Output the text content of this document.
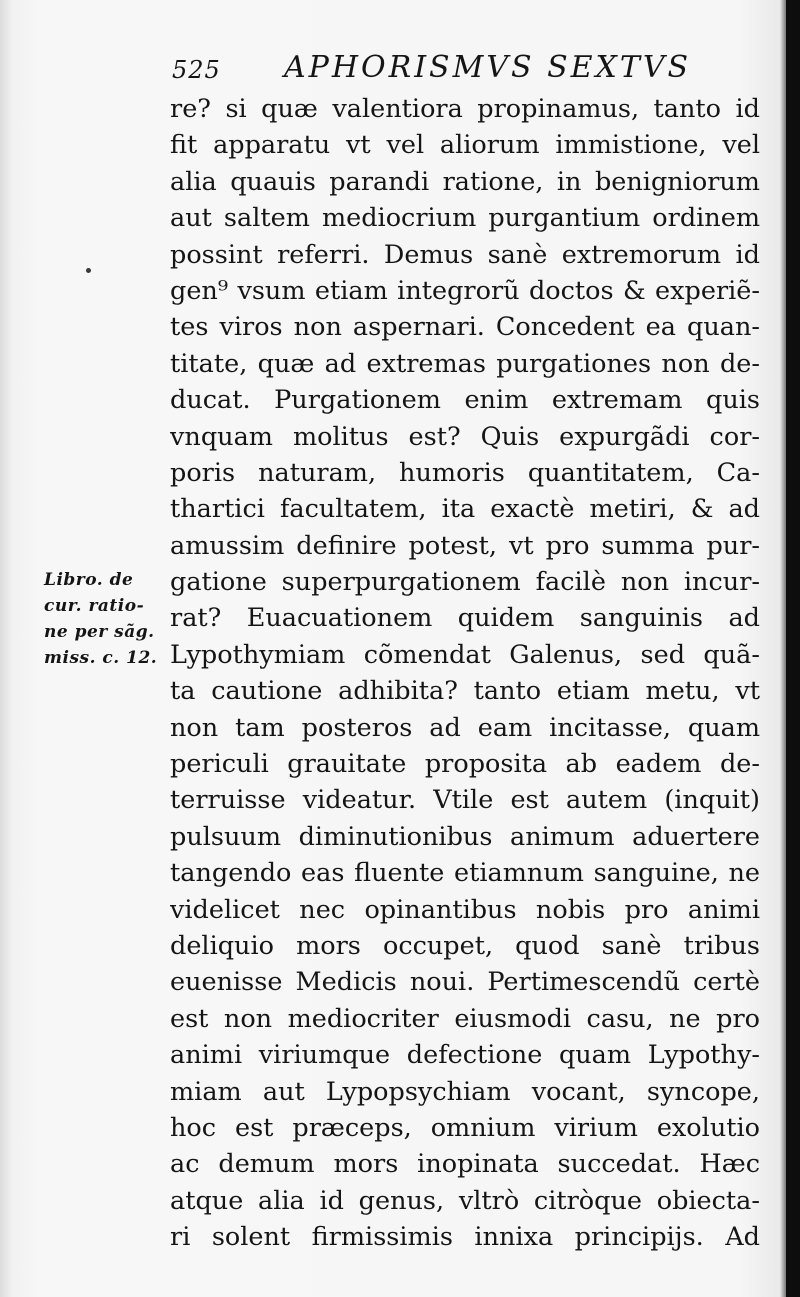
525 APHORISMVS SEXTVS
Libro. de
cur. ratio-
ne per sãg.
miss. c. 12.
re? si quæ valentiora propinamus, tanto id
fit apparatu vt vel aliorum immistione, vel
alia quauis parandi ratione, in benigniorum
aut saltem mediocrium purgantium ordinem
possint referri. Demus sanè extremorum id
gen⁹ vsum etiam integrorũ doctos & experiẽ-
tes viros non aspernari. Concedent ea quan-
titate, quæ ad extremas purgationes non de-
ducat. Purgationem enim extremam quis
vnquam molitus est? Quis expurgãdi cor-
poris naturam, humoris quantitatem, Ca-
thartici facultatem, ita exactè metiri, & ad
amussim definire potest, vt pro summa pur-
gatione superpurgationem facilè non incur-
rat? Euacuationem quidem sanguinis ad
Lypothymiam cõmendat Galenus, sed quã-
ta cautione adhibita? tanto etiam metu, vt
non tam posteros ad eam incitasse, quam
periculi grauitate proposita ab eadem de-
terruisse videatur. Vtile est autem (inquit)
pulsuum diminutionibus animum aduertere
tangendo eas fluente etiamnum sanguine, ne
videlicet nec opinantibus nobis pro animi
deliquio mors occupet, quod sanè tribus
euenisse Medicis noui. Pertimescendũ certè
est non mediocriter eiusmodi casu, ne pro
animi viriumque defectione quam Lypothy-
miam aut Lypopsychiam vocant, syncope,
hoc est præceps, omnium virium exolutio
ac demum mors inopinata succedat. Hæc
atque alia id genus, vltrò citròque obiecta-
ri solent firmissimis innixa principijs. Ad
